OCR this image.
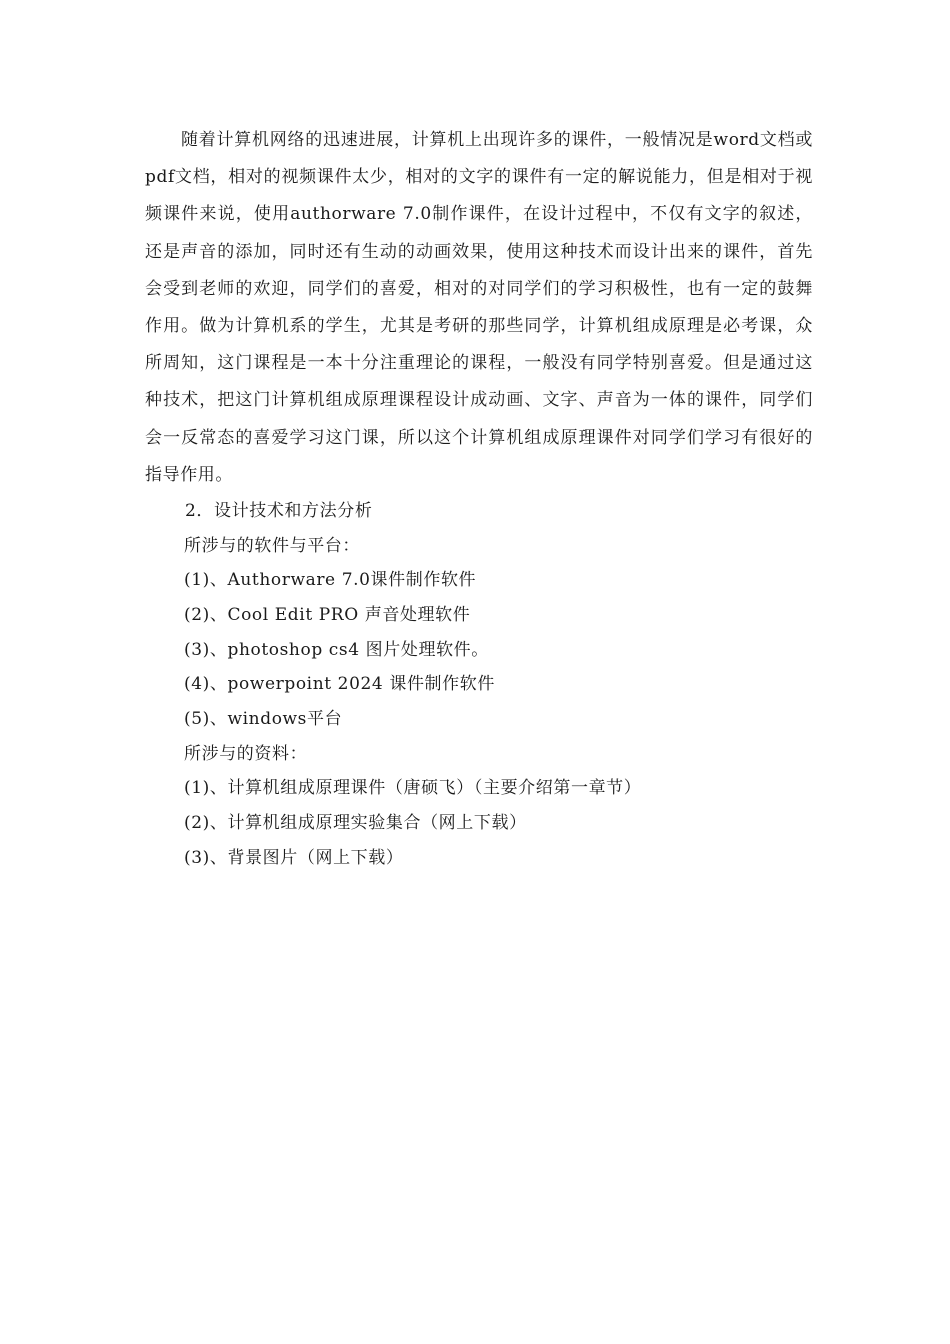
随着计算机网络的迅速进展，计算机上出现许多的课件，一般情况是word文档或pdf文档，相对的视频课件太少，相对的文字的课件有一定的解说能力，但是相对于视频课件来说，使用authorware 7.0制作课件，在设计过程中，不仅有文字的叙述，还是声音的添加，同时还有生动的动画效果，使用这种技术而设计出来的课件，首先会受到老师的欢迎，同学们的喜爱，相对的对同学们的学习积极性，也有一定的鼓舞作用。做为计算机系的学生，尤其是考研的那些同学，计算机组成原理是必考课，众所周知，这门课程是一本十分注重理论的课程，一般没有同学特别喜爱。但是通过这种技术，把这门计算机组成原理课程设计成动画、文字、声音为一体的课件，同学们会一反常态的喜爱学习这门课，所以这个计算机组成原理课件对同学们学习有很好的指导作用。

2．设计技术和方法分析

所涉与的软件与平台：

(1)、Authorware 7.0课件制作软件

(2)、Cool Edit PRO 声音处理软件

(3)、photoshop cs4 图片处理软件。

(4)、powerpoint 2024 课件制作软件

(5)、windows平台

所涉与的资料：

(1)、计算机组成原理课件（唐硕飞）（主要介绍第一章节）

(2)、计算机组成原理实验集合（网上下载）

(3)、背景图片（网上下载）
